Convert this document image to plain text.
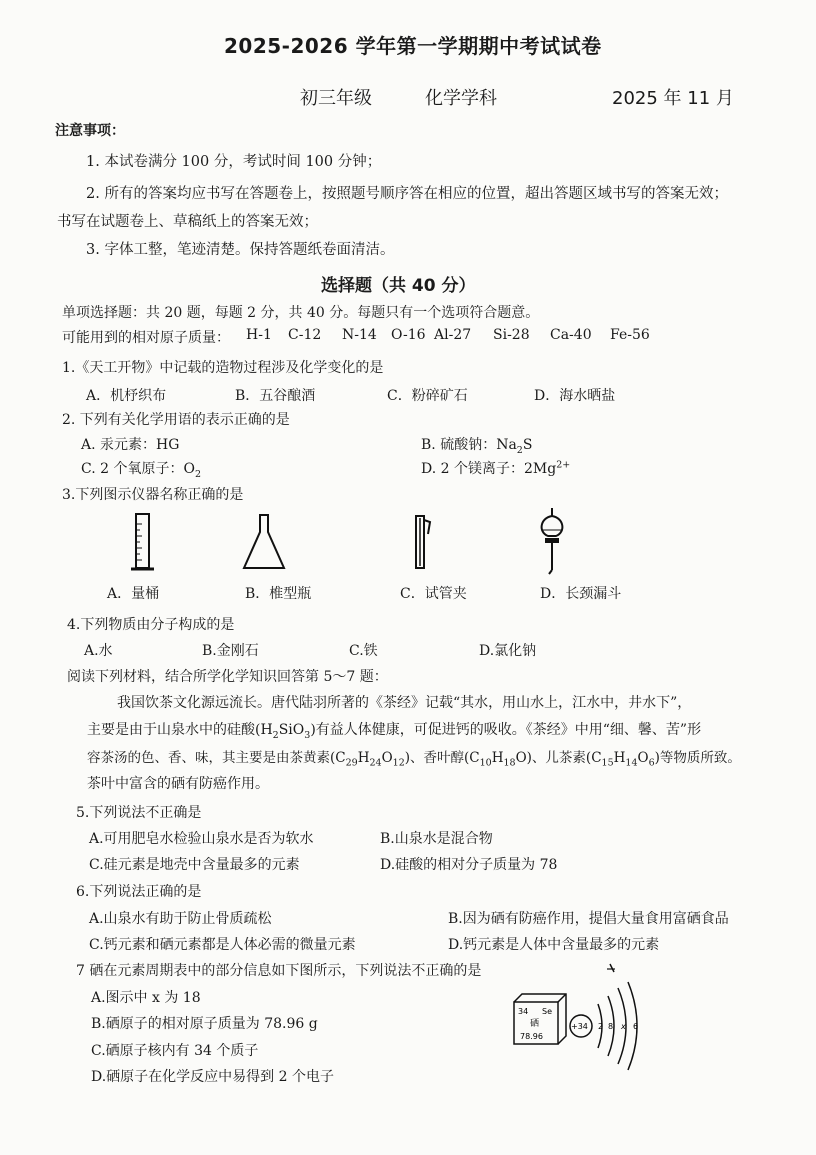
2025-2026 学年第一学期期中考试试卷
初三年级	化学学科	2025 年 11 月
注意事项：
1. 本试卷满分 100 分，考试时间 100 分钟；
2. 所有的答案均应书写在答题卷上，按照题号顺序答在相应的位置，超出答题区域书写的答案无效；
书写在试题卷上、草稿纸上的答案无效；
3. 字体工整，笔迹清楚。保持答题纸卷面清洁。
选择题（共 40 分）
单项选择题：共 20 题，每题 2 分，共 40 分。每题只有一个选项符合题意。
可能用到的相对原子质量： H-1 C-12 N-14 O-16 Al-27 Si-28 Ca-40 Fe-56
1.《天工开物》中记载的造物过程涉及化学变化的是
A．机杼织布	B．五谷酿酒	C．粉碎矿石	D．海水晒盐
2. 下列有关化学用语的表示正确的是
A. 汞元素：HG	B. 硫酸钠：$Na_2S$
C. 2 个氧原子：$O_2$	D. 2 个镁离子：$2Mg^{2+}$
3.下列图示仪器名称正确的是
A．量桶	B．椎型瓶	C．试管夹	D．长颈漏斗
4.下列物质由分子构成的是
A.水	B.金刚石	C.铁	D.氯化钠
阅读下列材料，结合所学化学知识回答第 5～7 题：
我国饮茶文化源远流长。唐代陆羽所著的《茶经》记载“其水，用山水上，江水中，井水下”，
主要是由于山泉水中的硅酸$(H_2SiO_3)$有益人体健康，可促进钙的吸收。《茶经》中用“细、馨、苦”形
容茶汤的色、香、味，其主要是由茶黄素$(C_{29}H_{24}O_{12})$、香叶醇$(C_{10}H_{18}O)$、儿茶素$(C_{15}H_{14}O_6)$等物质所致。
茶叶中富含的硒有防癌作用。
5.下列说法不正确是
A.可用肥皂水检验山泉水是否为软水	B.山泉水是混合物
C.硅元素是地壳中含量最多的元素	D.硅酸的相对分子质量为 78
6.下列说法正确的是
A.山泉水有助于防止骨质疏松	B.因为硒有防癌作用，提倡大量食用富硒食品
C.钙元素和硒元素都是人体必需的微量元素	D.钙元素是人体中含量最多的元素
7 硒在元素周期表中的部分信息如下图所示，下列说法不正确的是
A.图示中 x 为 18
B.硒原子的相对原子质量为 78.96 g
C.硒原子核内有 34 个质子
D.硒原子在化学反应中易得到 2 个电子
34 Se
硒
78.96
+34 2 8 x 6
